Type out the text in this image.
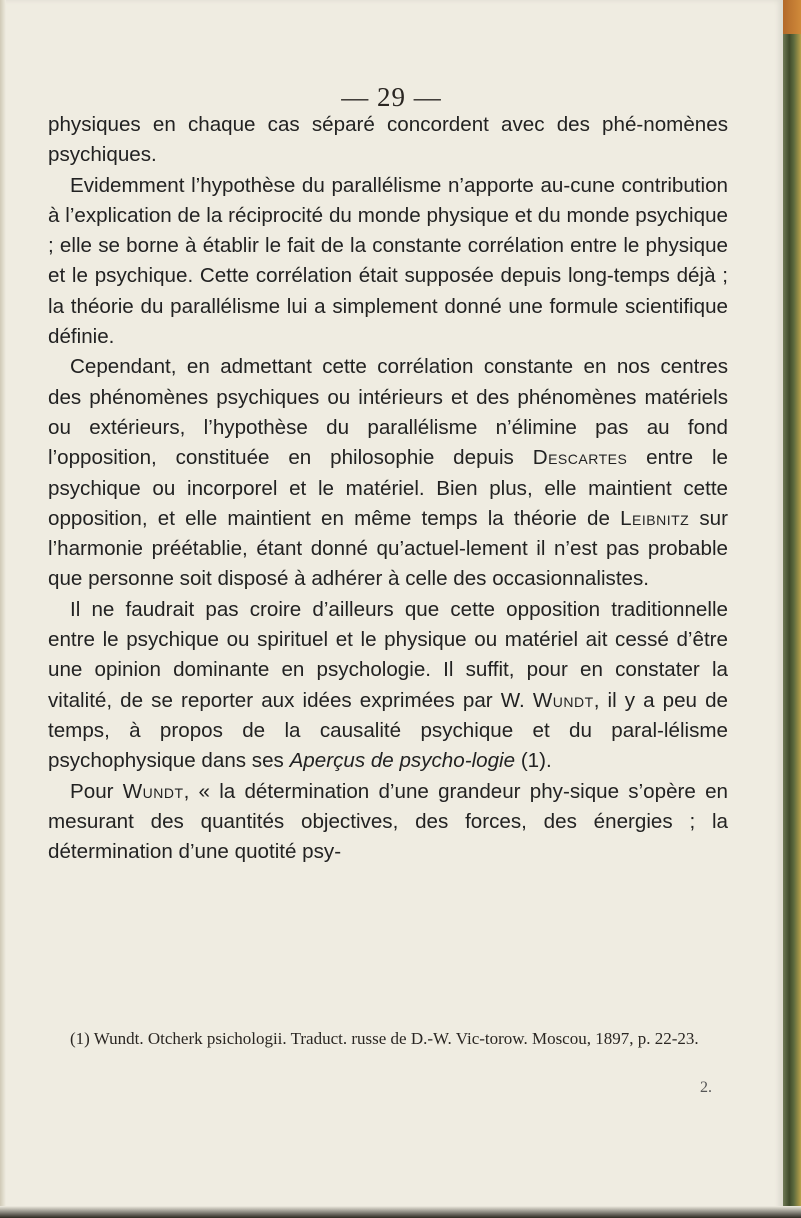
— 29 —

physiques en chaque cas séparé concordent avec des phé-nomènes psychiques.

Evidemment l’hypothèse du parallélisme n’apporte au-cune contribution à l’explication de la réciprocité du monde physique et du monde psychique ; elle se borne à établir le fait de la constante corrélation entre le physique et le psychique. Cette corrélation était supposée depuis long-temps déjà ; la théorie du parallélisme lui a simplement donné une formule scientifique définie.

Cependant, en admettant cette corrélation constante en nos centres des phénomènes psychiques ou intérieurs et des phénomènes matériels ou extérieurs, l’hypothèse du parallélisme n’élimine pas au fond l’opposition, constituée en philosophie depuis Descartes entre le psychique ou incorporel et le matériel. Bien plus, elle maintient cette opposition, et elle maintient en même temps la théorie de Leibnitz sur l’harmonie préétablie, étant donné qu’actuel-lement il n’est pas probable que personne soit disposé à adhérer à celle des occasionnalistes.

Il ne faudrait pas croire d’ailleurs que cette opposition traditionnelle entre le psychique ou spirituel et le physique ou matériel ait cessé d’être une opinion dominante en psychologie. Il suffit, pour en constater la vitalité, de se reporter aux idées exprimées par W. Wundt, il y a peu de temps, à propos de la causalité psychique et du paral-lélisme psychophysique dans ses Aperçus de psycho-logie (1).

Pour Wundt, « la détermination d’une grandeur phy-sique s’opère en mesurant des quantités objectives, des forces, des énergies ; la détermination d’une quotité psy-

(1) Wundt. Otcherk psichologii. Traduct. russe de D.-W. Vic-torow. Moscou, 1897, p. 22-23.

2.
